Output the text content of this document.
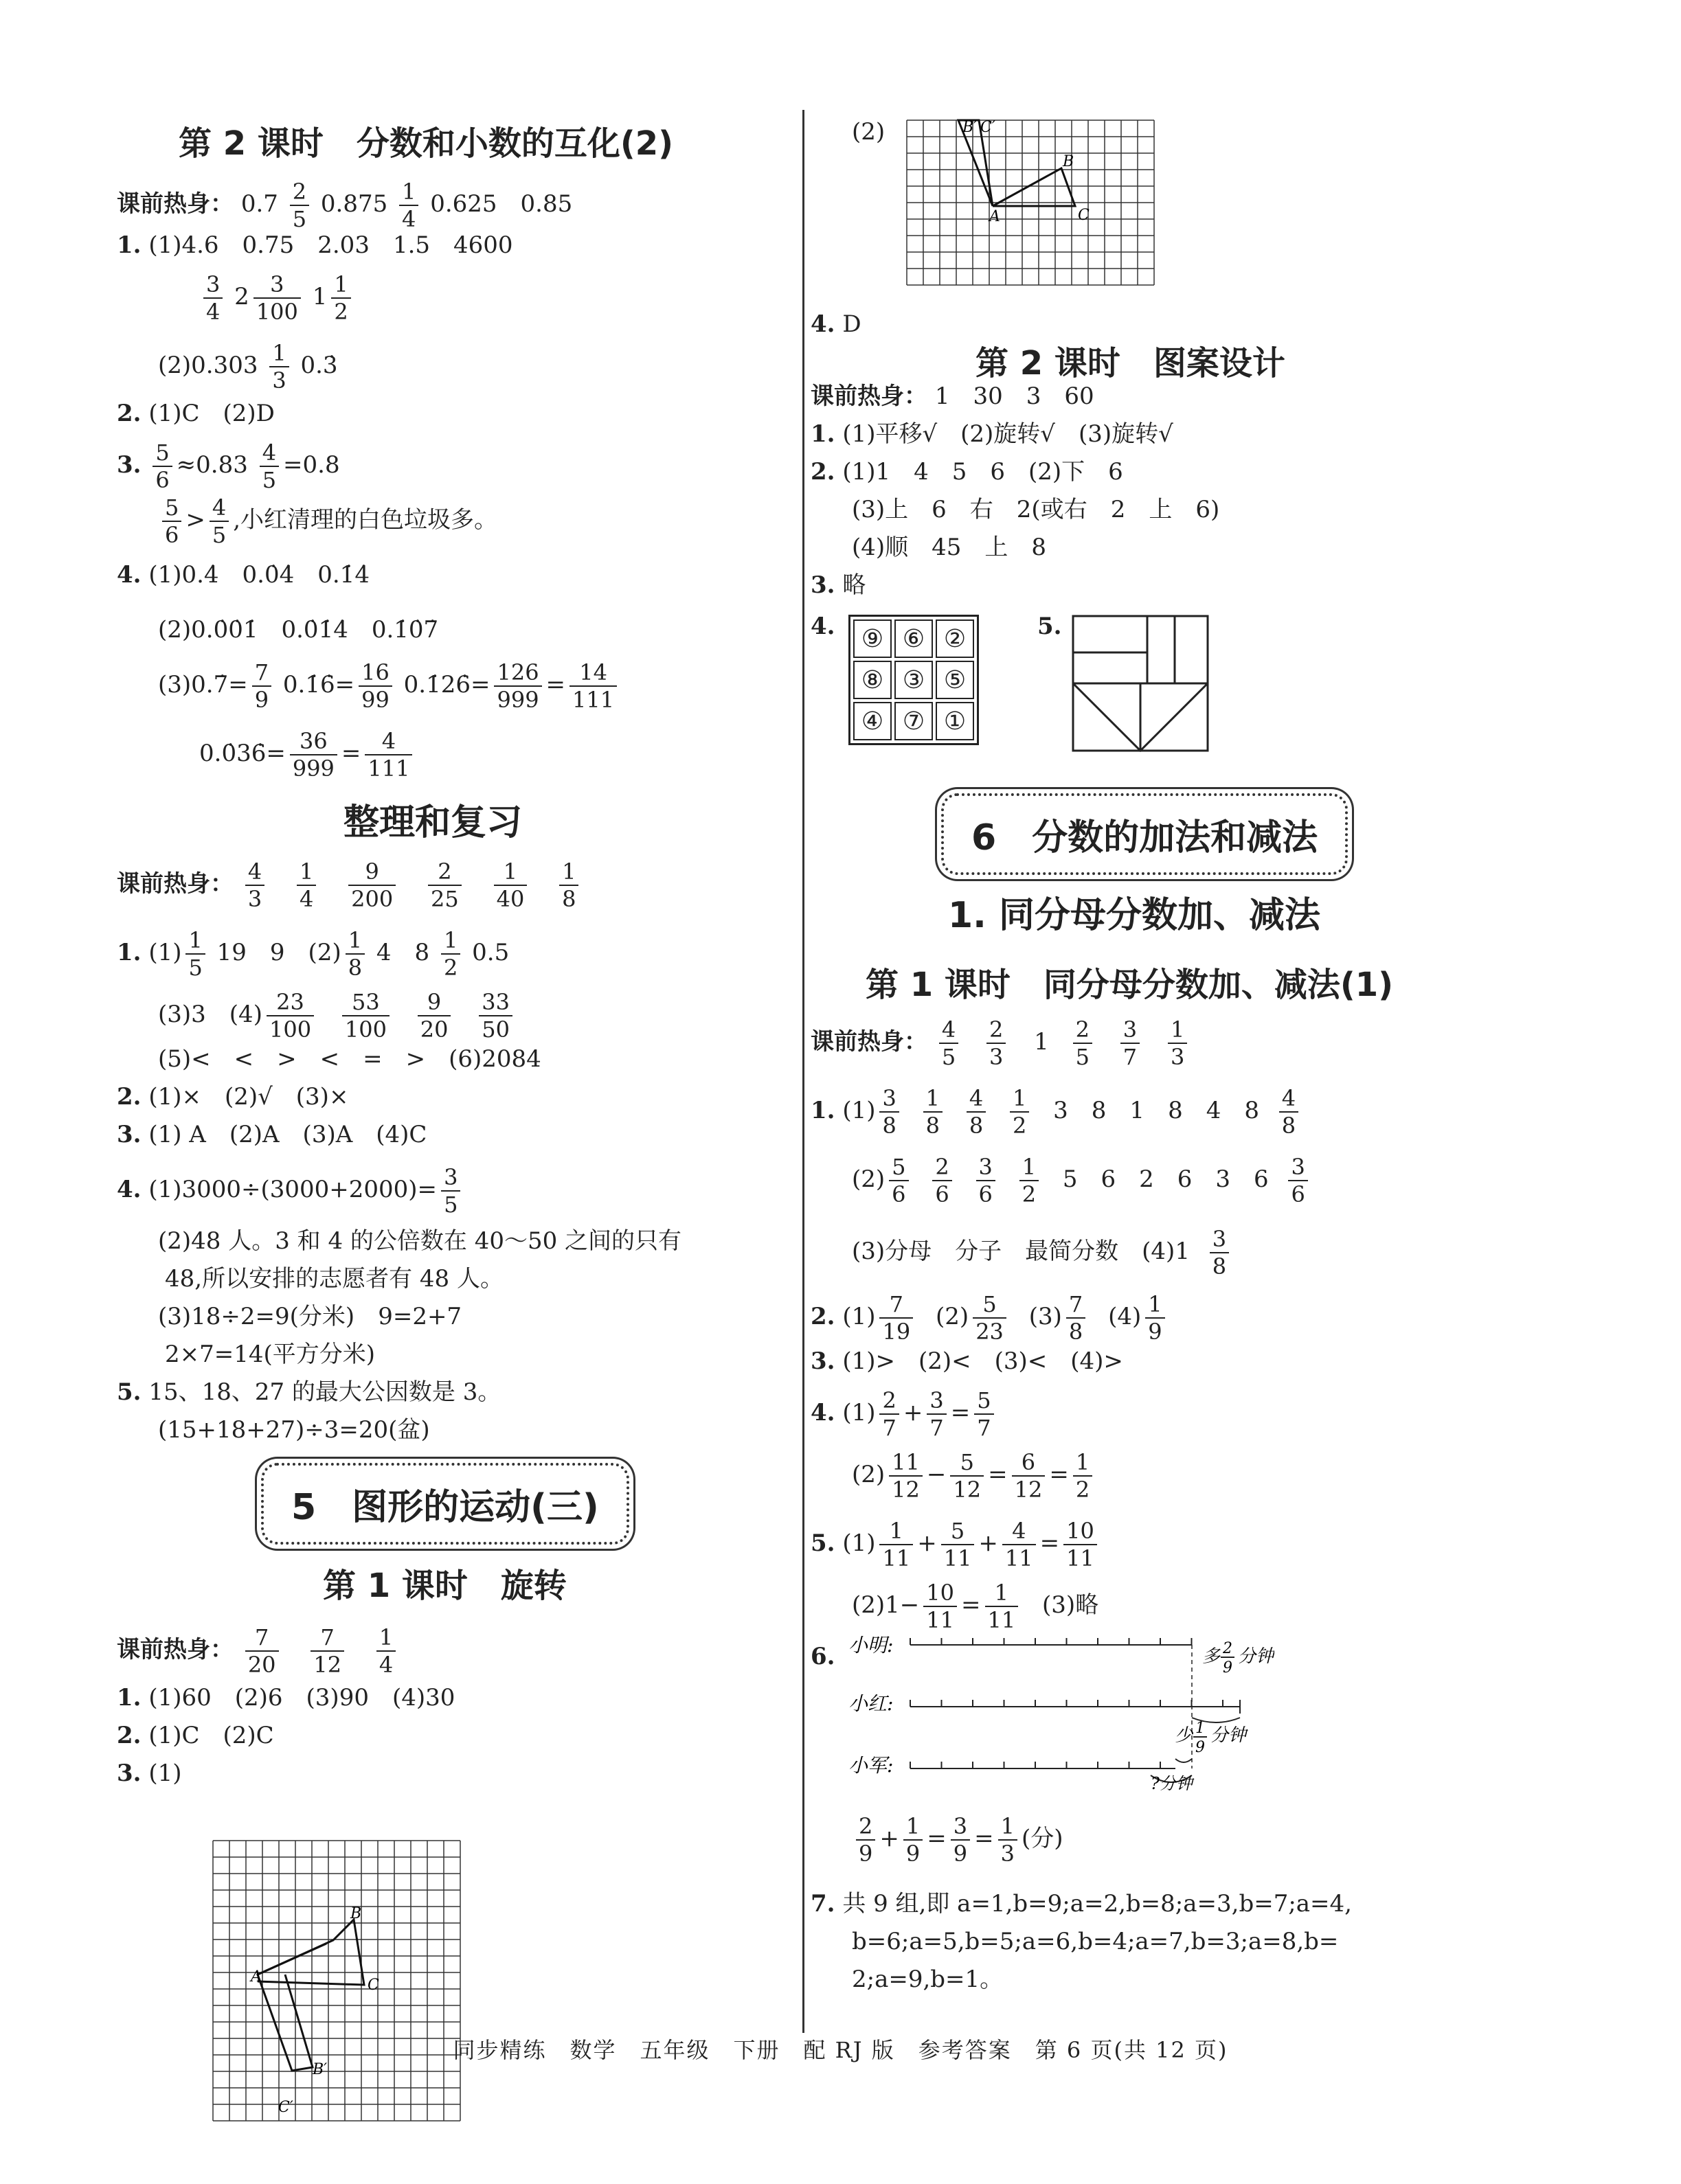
第 2 课时　分数和小数的互化(2)
课前热身： $0.7 \frac{2}{5} 0.875 \frac{1}{4} 0.625$　0.85
1. (1)4.6　0.75　2.03　1.5　4600
$\frac{3}{4} 2 \frac{3}{100} 1 \frac{1}{2}$
$(2)0.303 \frac{1}{3}$ 0.3̇
2. (1)C　(2)D
3. $\frac{5}{6} \approx 0.83 \frac{4}{5} =0.8$
$\frac{5}{6} > \frac{4}{5}$ ,小红清理的白色垃圾多。
4. (1)0.4̇　0.0̇4̇　0.1̇4̇
(2)0.0̇0̇1̇　0.0̇1̇4̇　0.1̇0̇7̇
(3)0.7̇= $\frac{7}{9}$ 0.1̇6̇= $\frac{16}{99}$ 0.1̇26̇= $\frac{126}{999} = \frac{14}{111}$
0.0̇36̇= $\frac{36}{999} = \frac{4}{111}$
整理和复习
课前热身： $\frac{4}{3}$
$\frac{1}{4}$
$\frac{9}{200}$
$\frac{2}{25}$
$\frac{1}{40}$
$\frac{1}{8}$
1. $(1) \frac{1}{5} 19$　9　$(2) \frac{1}{8} 4$　$8 \frac{1}{2} 0.5$
(3)3　$(4) \frac{23}{100}$
$\frac{53}{100}$
$\frac{9}{20}$
$\frac{33}{50}$
(5)<　<　>　<　=　>　(6)2084
2. (1)×　(2)√　(3)×
3. (1) A　(2)A　(3)A　(4)C
4. $(1)3000\div(3000+2000)= \frac{3}{5}$
(2)48 人。3 和 4 的公倍数在 40～50 之间的只有
48,所以安排的志愿者有 48 人。
(3)18÷2=9(分米)　9=2+7
2×7=14(平方分米)
5. 15、18、27 的最大公因数是 3。
(15+18+27)÷3=20(盆)
5　图形的运动(三)
第 1 课时　旋转
课前热身： $\frac{7}{20}$
$\frac{7}{12}$
$\frac{1}{4}$
1. (1)60　(2)6　(3)90　(4)30
2. (1)C　(2)C
3. (1)
A
B
C
B′
C′
(2)
A
B
C
B′ C′
4. D
第 2 课时　图案设计
课前热身： 1　30　3　60
1. (1)平移√　(2)旋转√　(3)旋转√
2. (1)1　4　5　6　(2)下　6
(3)上　6　右　2(或右　2　上　6)
(4)顺　45　上　8
3. 略
4.	⑨ ⑥ ②
⑧ ③ ⑤
④ ⑦ ①
5.
6　分数的加法和减法
1. 同分母分数加、减法
第 1 课时　同分母分数加、减法(1)
课前热身： $\frac{4}{5}$
$\frac{2}{3} 1 \frac{2}{5}$
$\frac{3}{7}$
$\frac{1}{3}$
1. $(1) \frac{3}{8}$
$\frac{1}{8}$
$\frac{4}{8}$
$\frac{1}{2} 3$　8　1　8　4　$8 \frac{4}{8}$
$(2) \frac{5}{6}$
$\frac{2}{6}$
$\frac{3}{6}$
$\frac{1}{2} 5$　6　2　6　3　$6 \frac{3}{6}$
(3)分母　分子　最简分数　$(4)1 \frac{3}{8}$
2. $(1) \frac{7}{19} (2) \frac{5}{23} (3) \frac{7}{8} (4) \frac{1}{9}$
3. (1)>　(2)<　(3)<　(4)>
4. $(1) \frac{2}{7} + \frac{3}{7} = \frac{5}{7}$
$(2) \frac{11}{12} - \frac{5}{12} = \frac{6}{12} = \frac{1}{2}$
5. $(1) \frac{1}{11} + \frac{5}{11} + \frac{4}{11} = \frac{10}{11}$
$(2)1- \frac{10}{11} = \frac{1}{11} (3)$略
6. 小明:
小红:
小军:
多 2
9
分钟
少 1
9
分钟
?分钟
$\frac{2}{9} + \frac{1}{9} = \frac{3}{9} = \frac{1}{3}$ (分)
7. 共 9 组,即 a=1,b=9;a=2,b=8;a=3,b=7;a=4,
b=6;a=5,b=5;a=6,b=4;a=7,b=3;a=8,b=
2;a=9,b=1。
同步精练　数学　五年级　下册　配 RJ 版　参考答案　第 6 页(共 12 页)
